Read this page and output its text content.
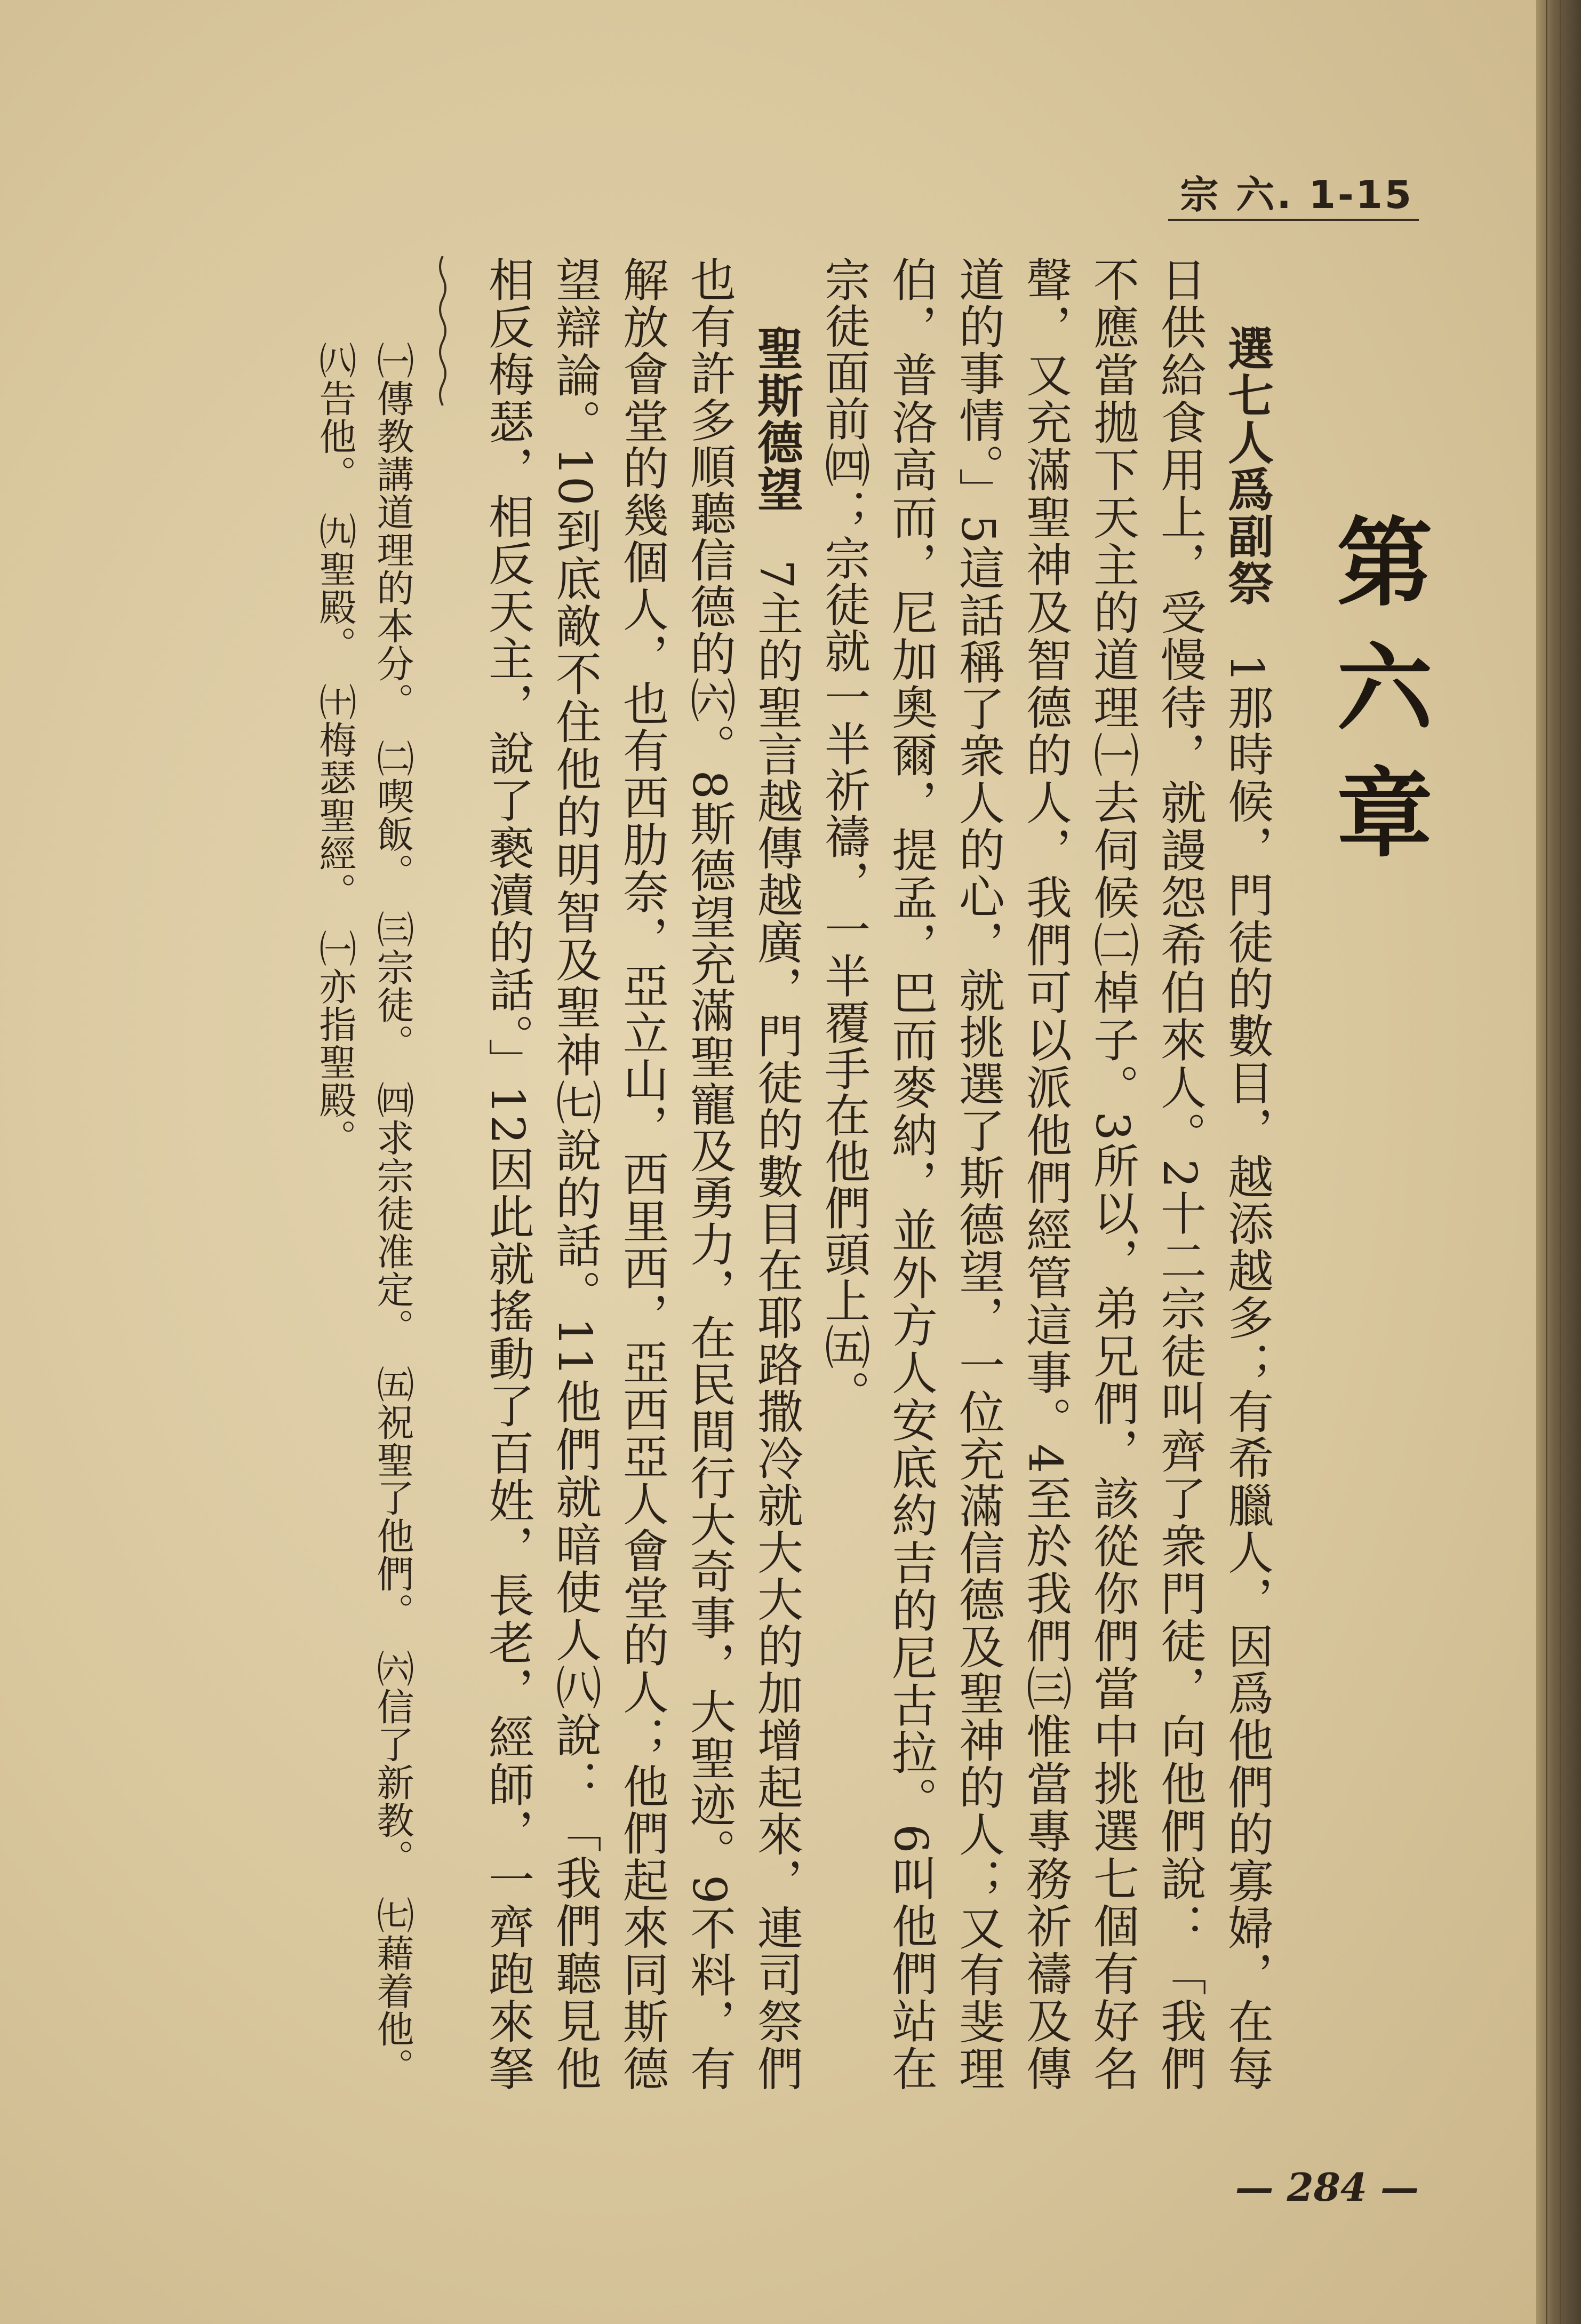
宗 六. 1-15
第六章

選七人爲副祭　1那時候，門徒的數目，越添越多；有希臘人，因爲他們的寡婦，在每日供給食用上，受慢待，就謾怨希伯來人。2十二宗徒叫齊了衆門徒，向他們說：「我們不應當拋下天主的道理㈠去伺候㈡棹子。3所以，弟兄們，該從你們當中挑選七個有好名聲，又充滿聖神及智德的人，我們可以派他們經管這事。4至於我們㈢惟當專務祈禱及傳道的事情。」5這話稱了衆人的心，就挑選了斯德望，一位充滿信德及聖神的人；又有斐理伯，普洛高而，尼加奧爾，提孟，巴而麥納，並外方人安底約吉的尼古拉。6叫他們站在宗徒面前㈣；宗徒就一半祈禱，一半覆手在他們頭上㈤。

聖斯德望　7主的聖言越傳越廣，門徒的數目在耶路撒冷就大大的加增起來，連司祭們也有許多順聽信德的㈥。8斯德望充滿聖寵及勇力，在民間行大奇事，大聖迹。9不料，有解放會堂的幾個人，也有西肋奈，亞立山，西里西，亞西亞人會堂的人；他們起來同斯德望辯論。10到底敵不住他的明智及聖神㈦說的話。11他們就暗使人㈧說：「我們聽見他相反梅瑟，相反天主，說了褻瀆的話。」12因此就搖動了百姓，長老，經師，一齊跑來拏

㈠傳教講道理的本分。　㈡喫飯。　㈢宗徒。　㈣求宗徒准定。　㈤祝聖了他們。　㈥信了新教。　㈦藉着他。

㈧告他。　㈨聖殿。　㈩梅瑟聖經。　㈠亦指聖殿。

— 284 —
